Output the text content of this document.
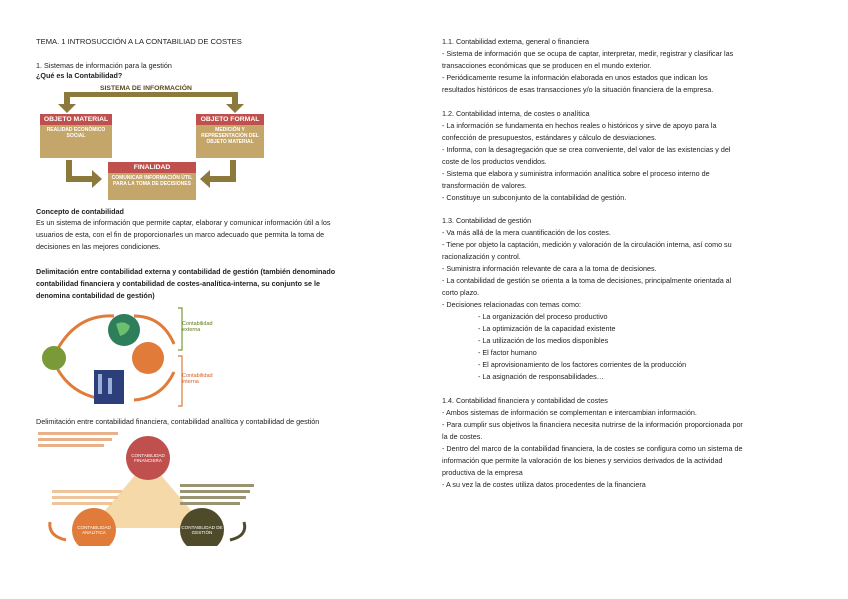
TEMA. 1 INTROSUCCIÓN A LA CONTABILIAD DE COSTES
1. Sistemas de información para la gestión
¿Qué es la Contabilidad?
SISTEMA DE INFORMACIÓN
OBJETO MATERIAL
REALIDAD ECONÓMICO SOCIAL
OBJETO FORMAL
MEDICIÓN Y REPRESENTACIÓN DEL OBJETO MATERIAL
FINALIDAD
COMUNICAR INFORMACIÓN ÚTIL PARA LA TOMA DE DECISIONES
Concepto de contabilidad
Es un sistema de información que permite captar, elaborar y comunicar información útil a los
usuarios de esta, con el fin de proporcionarles un marco adecuado que permita la toma de
decisiones en las mejores condiciones.
Delimitación entre contabilidad externa y contabilidad de gestión (también denominado
contabilidad financiera y contabilidad de costes-analítica-interna, su conjunto se le
denomina contabilidad de gestión)
Contabilidad externa
Contabilidad interna
Delimitación entre contabilidad financiera, contabilidad analítica y contabilidad de gestión
CONTABILIDAD FINANCIERA
CONTABILIDAD ANALÍTICA
CONTABILIDAD DE GESTIÓN
1.1. Contabilidad externa, general o financiera
- Sistema de información que se ocupa de captar, interpretar, medir, registrar y clasificar las
transacciones económicas que se producen en el mundo exterior.
- Periódicamente resume la información elaborada en unos estados que indican los
resultados históricos de esas transacciones y/o la situación financiera de la empresa.
1.2. Contabilidad interna, de costes o analítica
- La información se fundamenta en hechos reales o históricos y sirve de apoyo para la
confección de presupuestos, estándares y cálculo de desviaciones.
- Informa, con la desagregación que se crea conveniente, del valor de las existencias y del
coste de los productos vendidos.
- Sistema que elabora y suministra información analítica sobre el proceso interno de
transformación de valores.
- Constituye un subconjunto de la contabilidad de gestión.
1.3. Contabilidad de gestión
- Va más allá de la mera cuantificación de los costes.
- Tiene por objeto la captación, medición y valoración de la circulación interna, así como su
racionalización y control.
- Suministra información relevante de cara a la toma de decisiones.
- La contabilidad de gestión se orienta a la toma de decisiones, principalmente orientada al
corto plazo.
- Decisiones relacionadas con temas como:
- La organización del proceso productivo
- La optimización de la capacidad existente
- La utilización de los medios disponibles
- El factor humano
- El aprovisionamiento de los factores corrientes de la producción
- La asignación de responsabilidades…
1.4. Contabilidad financiera y contabilidad de costes
- Ambos sistemas de información se complementan e intercambian información.
- Para cumplir sus objetivos la financiera necesita nutrirse de la información proporcionada por
la de costes.
- Dentro del marco de la contabilidad financiera, la de costes se configura como un sistema de
información que permite la valoración de los bienes y servicios derivados de la actividad
productiva de la empresa
- A su vez la de costes utiliza datos procedentes de la financiera
